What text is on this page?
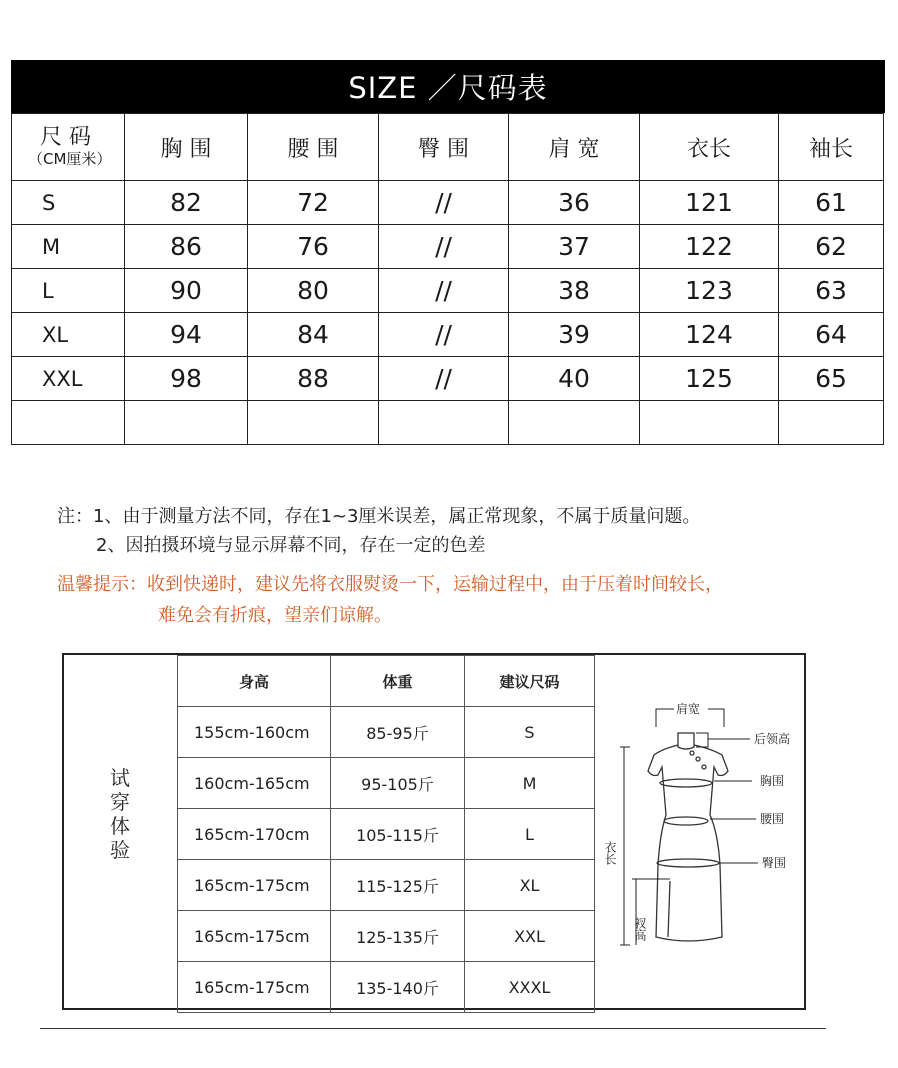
SIZE ／尺码表
尺 码
（CM厘米）	胸 围	腰 围	臀 围	肩 宽	衣长	袖长
S	82	72	//	36	121	61
M	86	76	//	37	122	62
L	90	80	//	38	123	63
XL	94	84	//	39	124	64
XXL	98	88	//	40	125	65

注：1、由于测量方法不同，存在1~3厘米误差，属正常现象，不属于质量问题。
2、因拍摄环境与显示屏幕不同，存在一定的色差
温馨提示：收到快递时，建议先将衣服熨烫一下，运输过程中，由于压着时间较长，
难免会有折痕，望亲们谅解。
试
穿
体
验
身高	体重	建议尺码
155cm-160cm	85-95斤	S
160cm-165cm	95-105斤	M
165cm-170cm	105-115斤	L
165cm-175cm	115-125斤	XL
165cm-175cm	125-135斤	XXL
165cm-175cm	135-140斤	XXXL
肩宽
后领高
胸围
腰围
臀围
衣长
衩高
